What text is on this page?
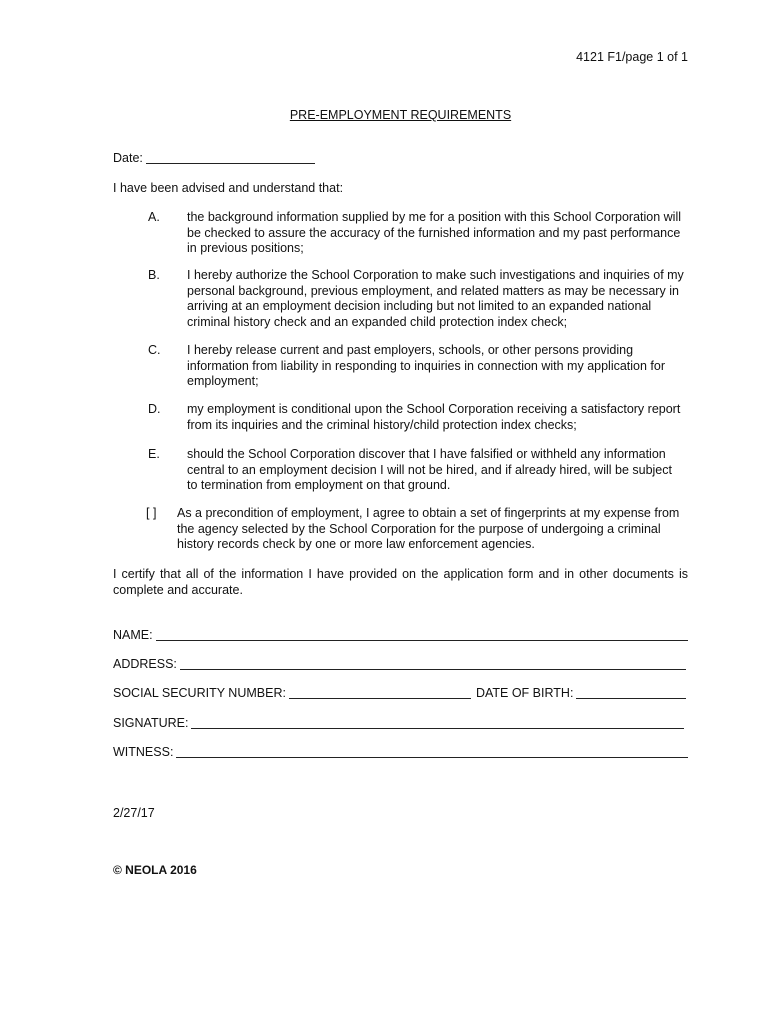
4121 F1/page 1 of 1
PRE-EMPLOYMENT REQUIREMENTS
Date:
I have been advised and understand that:
A. the background information supplied by me for a position with this School Corporation will
be checked to assure the accuracy of the furnished information and my past performance
in previous positions;
B. I hereby authorize the School Corporation to make such investigations and inquiries of my
personal background, previous employment, and related matters as may be necessary in
arriving at an employment decision including but not limited to an expanded national
criminal history check and an expanded child protection index check;
C. I hereby release current and past employers, schools, or other persons providing
information from liability in responding to inquiries in connection with my application for
employment;
D. my employment is conditional upon the School Corporation receiving a satisfactory report
from its inquiries and the criminal history/child protection index checks;
E. should the School Corporation discover that I have falsified or withheld any information
central to an employment decision I will not be hired, and if already hired, will be subject
to termination from employment on that ground.
[ ] As a precondition of employment, I agree to obtain a set of fingerprints at my expense from
the agency selected by the School Corporation for the purpose of undergoing a criminal
history records check by one or more law enforcement agencies.
I certify that all of the information I have provided on the application form and in other documents is
complete and accurate.
NAME:
ADDRESS:
SOCIAL SECURITY NUMBER:	DATE OF BIRTH:
SIGNATURE:
WITNESS:
2/27/17
© NEOLA 2016
